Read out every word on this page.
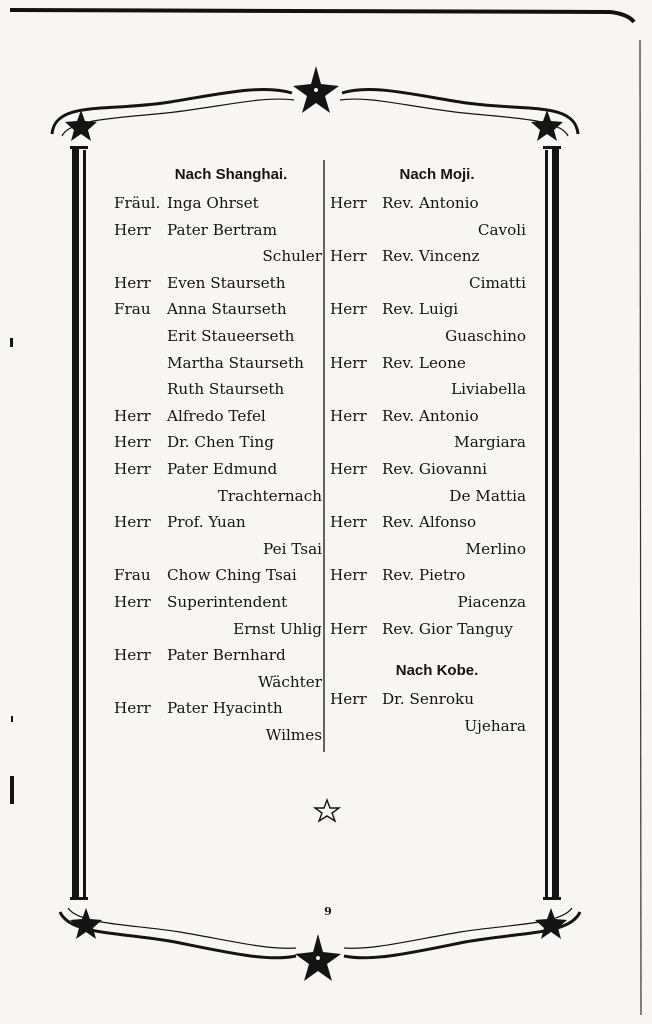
Nach Shanghai.
Fräul. Inga Ohrset
Herr Pater Bertram
Schuler
Herr Even Staurseth
Frau Anna Staurseth
Erit Staueerseth
Martha Staurseth
Ruth Staurseth
Herr Alfredo Tefel
Herr Dr. Chen Ting
Herr Pater Edmund
Trachternach
Herr Prof. Yuan
Pei Tsai
Frau Chow Ching Tsai
Herr Superintendent
Ernst Uhlig
Herr Pater Bernhard
Wächter
Herr Pater Hyacinth
Wilmes
Nach Moji.
Herr Rev. Antonio
Cavoli
Herr Rev. Vincenz
Cimatti
Herr Rev. Luigi
Guaschino
Herr Rev. Leone
Liviabella
Herr Rev. Antonio
Margiara
Herr Rev. Giovanni
De Mattia
Herr Rev. Alfonso
Merlino
Herr Rev. Pietro
Piacenza
Herr Rev. Gior Tanguy
Nach Kobe.
Herr Dr. Senroku
Ujehara
9
